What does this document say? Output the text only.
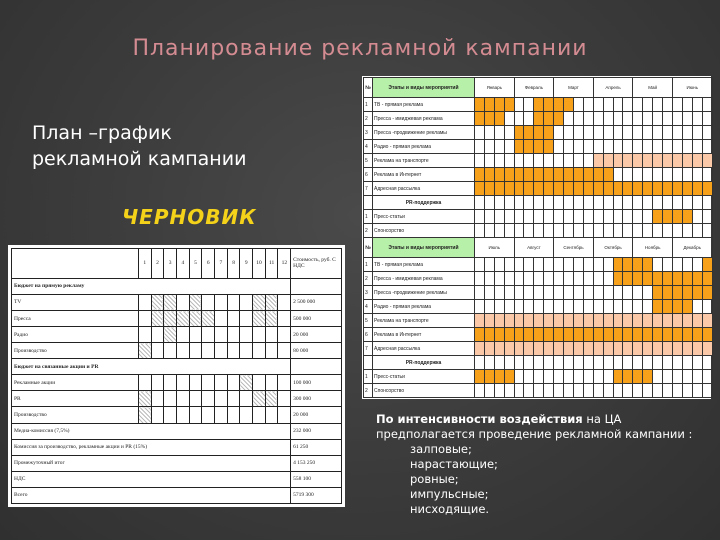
Планирование рекламной кампании
План –график рекламной кампании
ЧЕРНОВИК
	1	2	3	4	5	6	7	8	9	10	11	12	Стоимость, руб. С НДС
Бюджет на прямую рекламу													
ТV													2 500 000
Пресса													500 000
Радио													20 000
Производство													80 000
Бюджет на связанные акции и PR													
Рекламные акции													100 000
PR													300 000
Производство													20 000
Медиа-комиссия (7,5%)													232 000
Комиссия за производство, рекламные акции и PR (15%)													61 250
Промежуточный итог													4 153 250
НДС													558 100
Всего													5719 300
№	Этапы и виды мероприятий	Январь				Февраль				Март				Апрель				Май				Июнь			
1	ТВ - прямая реклама																								
2	Пресса - имиджевая реклама																								
3	Пресса -продвижение рекламы																								
4	Радио - прямая реклама																								
5	Реклама на транспорте																								
6	Реклама в Интернет																								
7	Адресная рассылка																								
	PR-поддержка																								
1	Пресс-статьи																								
2	Спонсорство																								
№	Этапы и виды мероприятий	Июль				Август				Сентябрь				Октябрь				Ноябрь				Декабрь			
1	ТВ - прямая реклама																								
2	Пресса - имиджевая реклама																								
3	Пресса -продвижение рекламы																								
4	Радио - прямая реклама																								
5	Реклама на транспорте																								
6	Реклама в Интернет																								
7	Адресная рассылка																								
	PR-поддержка																								
1	Пресс-статьи																								
2	Спонсорство																								
По интенсивности воздействия на ЦА предполагается проведение рекламной кампании :
залповые;
нарастающие;
ровные;
импульсные;
нисходящие.
